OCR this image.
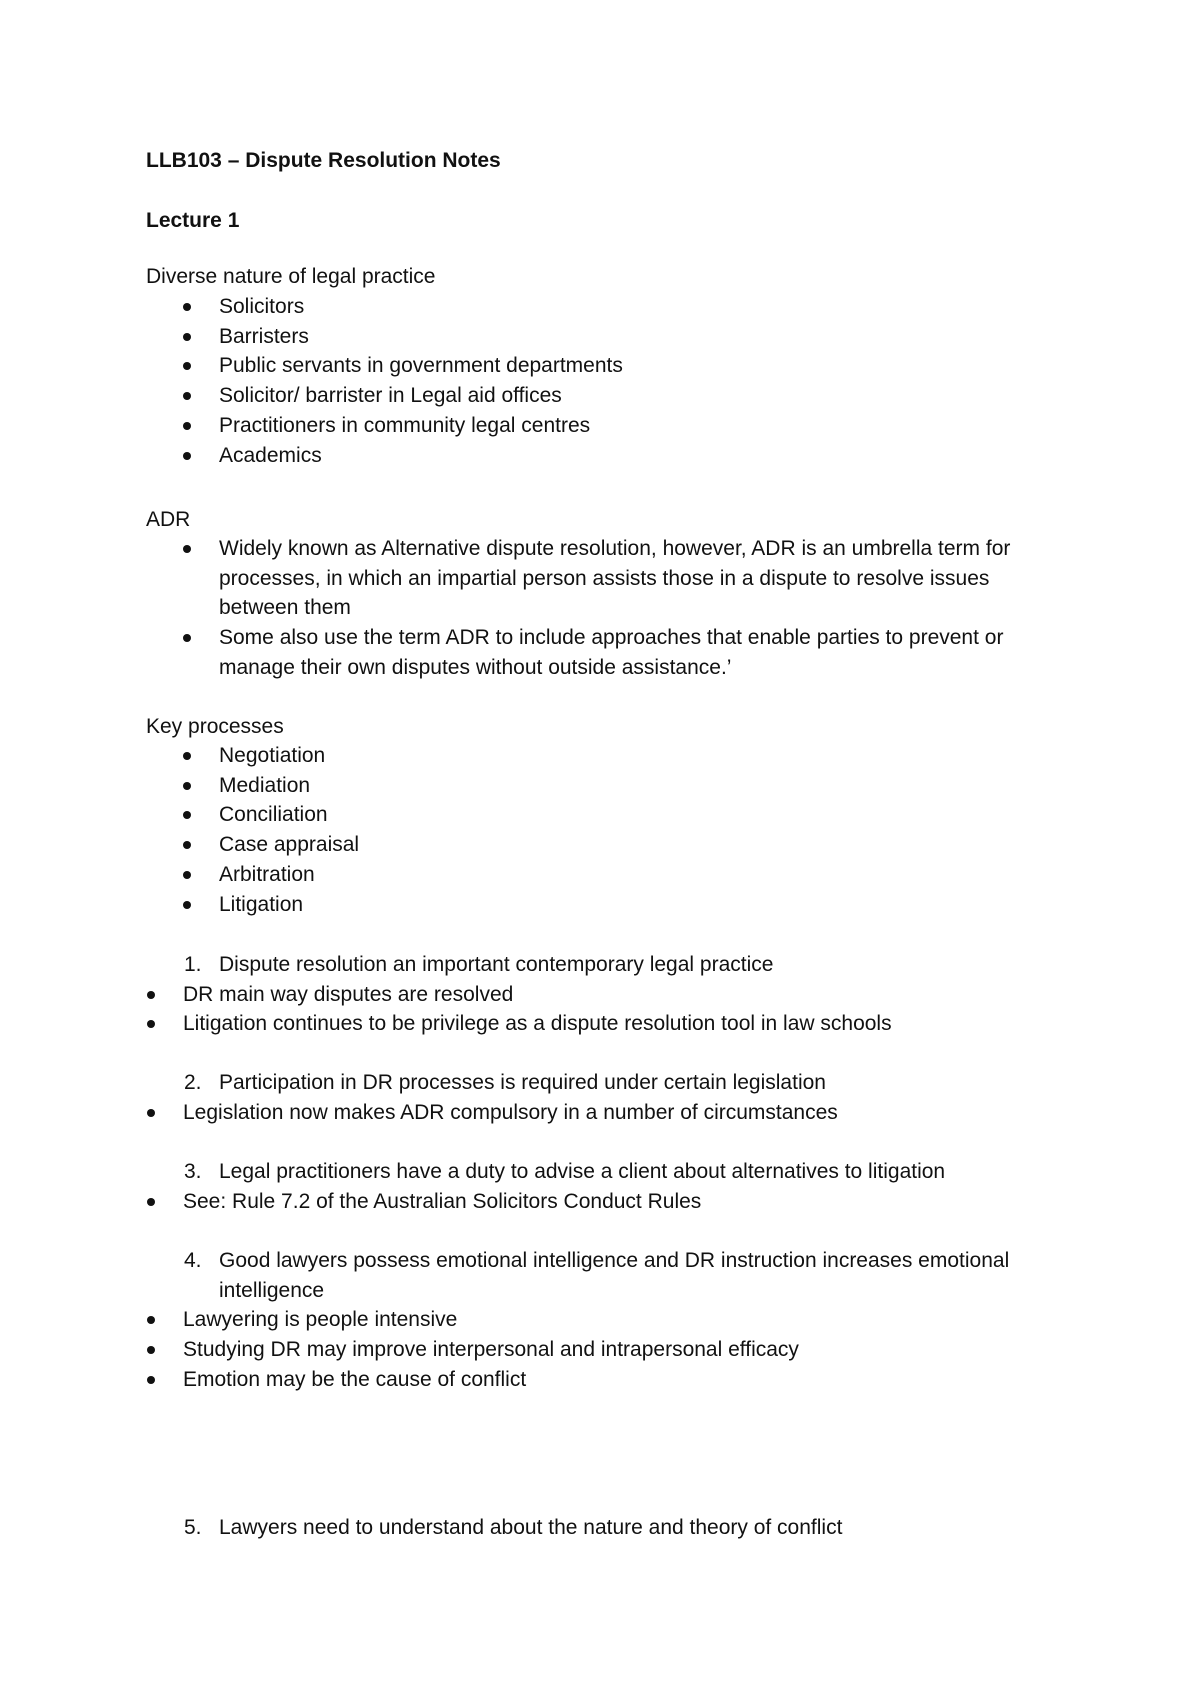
LLB103 – Dispute Resolution Notes
Lecture 1
Diverse nature of legal practice
Solicitors
Barristers
Public servants in government departments
Solicitor/ barrister in Legal aid offices
Practitioners in community legal centres
Academics
ADR
Widely known as Alternative dispute resolution, however, ADR is an umbrella term for processes, in which an impartial person assists those in a dispute to resolve issues between them
Some also use the term ADR to include approaches that enable parties to prevent or manage their own disputes without outside assistance.’
Key processes
Negotiation
Mediation
Conciliation
Case appraisal
Arbitration
Litigation
1. Dispute resolution an important contemporary legal practice
DR main way disputes are resolved
Litigation continues to be privilege as a dispute resolution tool in law schools
2. Participation in DR processes is required under certain legislation
Legislation now makes ADR compulsory in a number of circumstances
3. Legal practitioners have a duty to advise a client about alternatives to litigation
See: Rule 7.2 of the Australian Solicitors Conduct Rules
4. Good lawyers possess emotional intelligence and DR instruction increases emotional intelligence
Lawyering is people intensive
Studying DR may improve interpersonal and intrapersonal efficacy
Emotion may be the cause of conflict
5. Lawyers need to understand about the nature and theory of conflict
